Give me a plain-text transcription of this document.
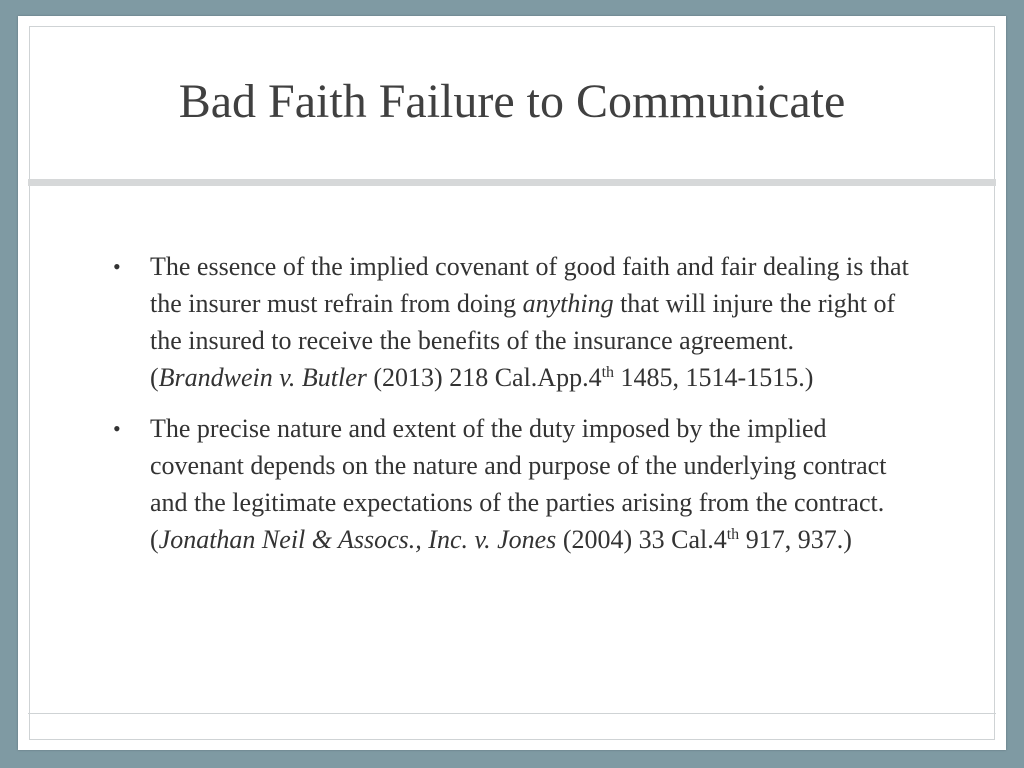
Bad Faith Failure to Communicate

• The essence of the implied covenant of good faith and fair dealing is that the insurer must refrain from doing anything that will injure the right of the insured to receive the benefits of the insurance agreement. (Brandwein v. Butler (2013) 218 Cal.App.4th 1485, 1514-1515.)

• The precise nature and extent of the duty imposed by the implied covenant depends on the nature and purpose of the underlying contract and the legitimate expectations of the parties arising from the contract. (Jonathan Neil & Assocs., Inc. v. Jones (2004) 33 Cal.4th 917, 937.)
